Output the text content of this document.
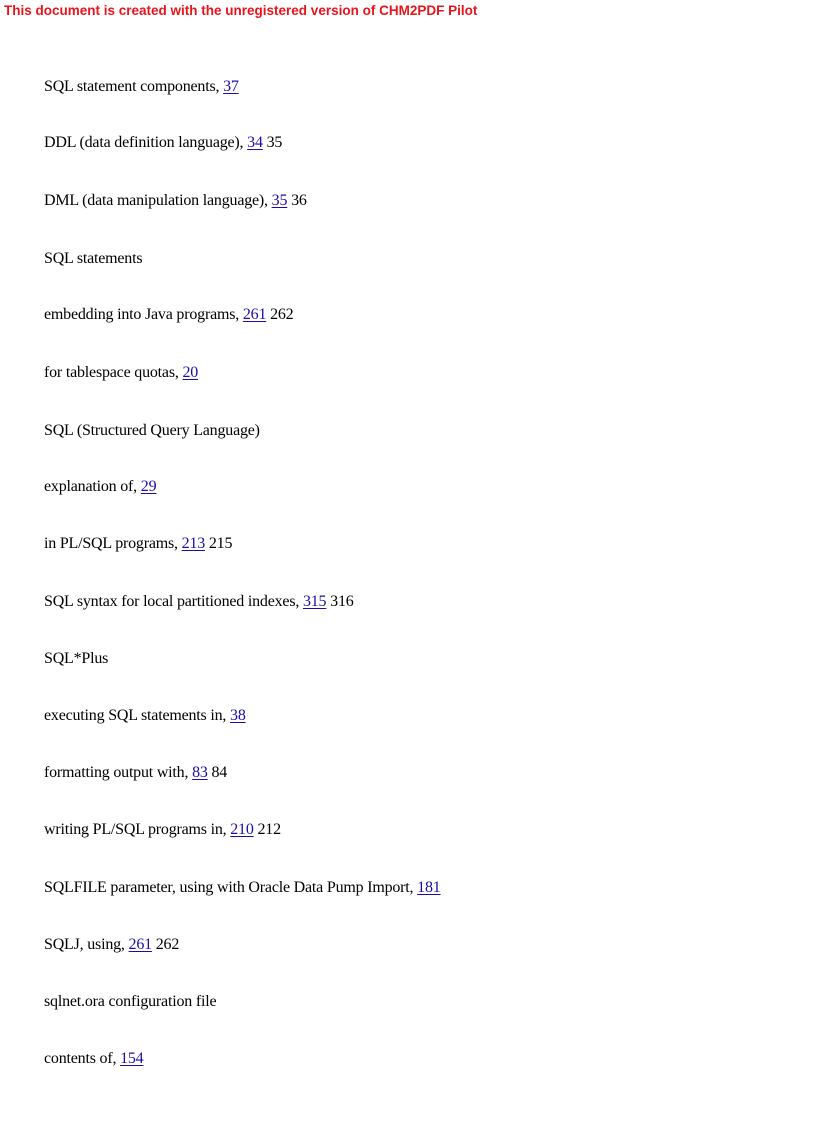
This document is created with the unregistered version of CHM2PDF Pilot
SQL statement components, 37
DDL (data definition language), 34 35
DML (data manipulation language), 35 36
SQL statements
embedding into Java programs, 261 262
for tablespace quotas, 20
SQL (Structured Query Language)
explanation of, 29
in PL/SQL programs, 213 215
SQL syntax for local partitioned indexes, 315 316
SQL*Plus
executing SQL statements in, 38
formatting output with, 83 84
writing PL/SQL programs in, 210 212
SQLFILE parameter, using with Oracle Data Pump Import, 181
SQLJ, using, 261 262
sqlnet.ora configuration file
contents of, 154
